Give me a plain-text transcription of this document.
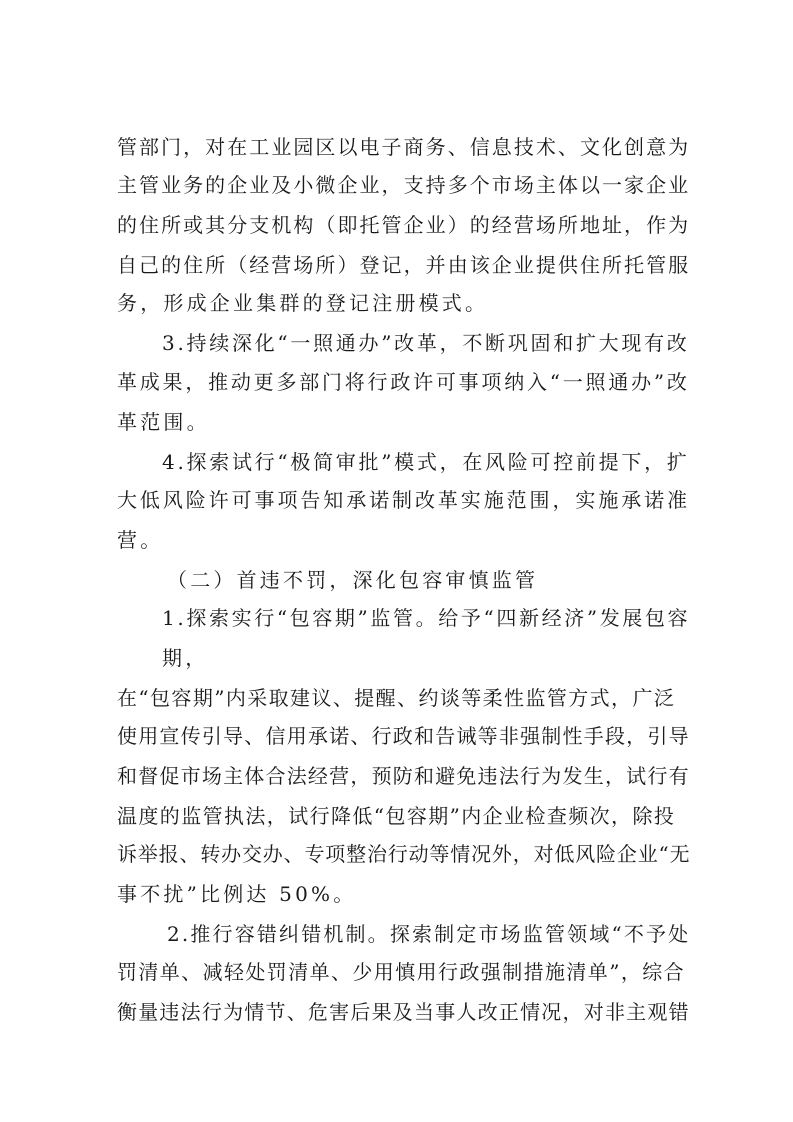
管部门，对在工业园区以电子商务、信息技术、文化创意为

主管业务的企业及小微企业，支持多个市场主体以一家企业

的住所或其分支机构（即托管企业）的经营场所地址，作为

自己的住所（经营场所）登记，并由该企业提供住所托管服

务，形成企业集群的登记注册模式。

3.持续深化“一照通办”改革，不断巩固和扩大现有改

革成果，推动更多部门将行政许可事项纳入“一照通办”改

革范围。

4.探索试行“极简审批”模式，在风险可控前提下，扩

大低风险许可事项告知承诺制改革实施范围，实施承诺准

营。

（二）首违不罚，深化包容审慎监管

1.探索实行“包容期”监管。给予“四新经济”发展包容

期，

在“包容期”内采取建议、提醒、约谈等柔性监管方式，广泛

使用宣传引导、信用承诺、行政和告诫等非强制性手段，引导

和督促市场主体合法经营，预防和避免违法行为发生，试行有

温度的监管执法，试行降低“包容期”内企业检查频次，除投

诉举报、转办交办、专项整治行动等情况外，对低风险企业“无

事不扰”比例达 50%。

2.推行容错纠错机制。探索制定市场监管领域“不予处

罚清单、减轻处罚清单、少用慎用行政强制措施清单”，综合

衡量违法行为情节、危害后果及当事人改正情况，对非主观错
